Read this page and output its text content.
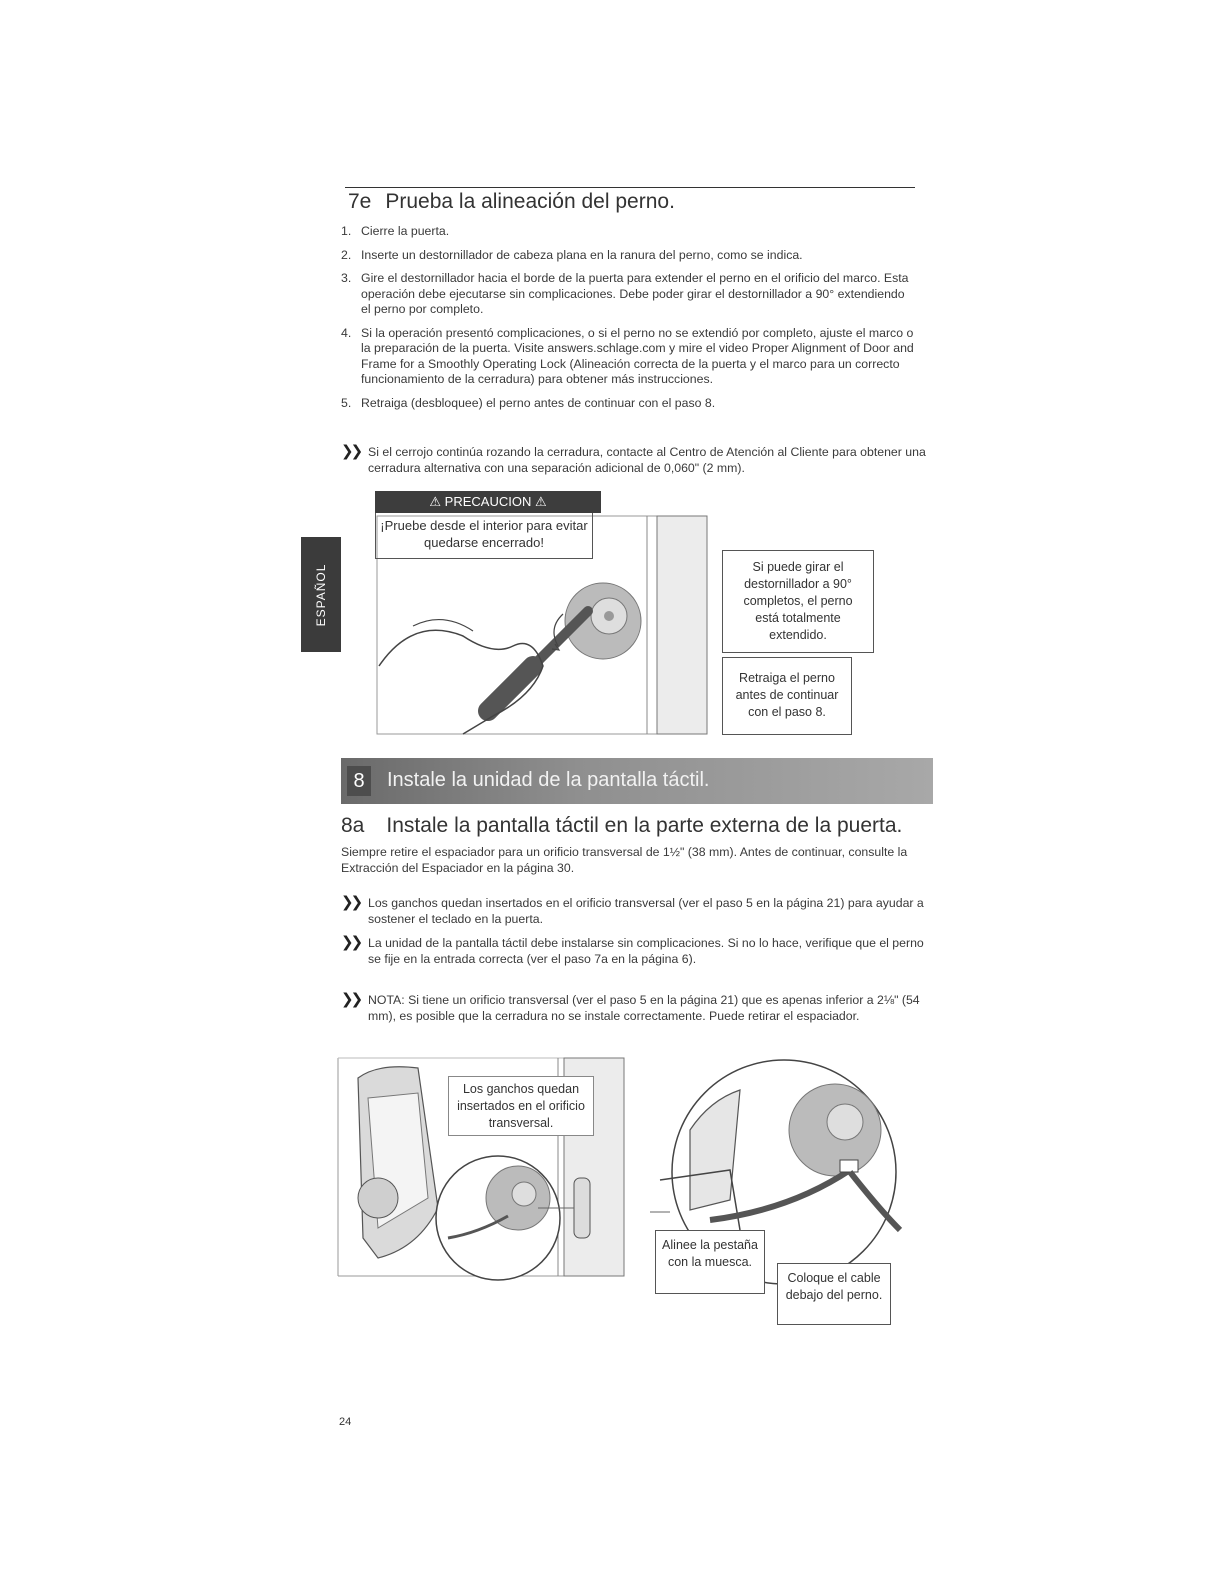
7e Prueba la alineación del perno.
1. Cierre la puerta.
2. Inserte un destornillador de cabeza plana en la ranura del perno, como se indica.
3. Gire el destornillador hacia el borde de la puerta para extender el perno en el orificio del marco. Esta operación debe ejecutarse sin complicaciones. Debe poder girar el destornillador a 90° extendiendo el perno por completo.
4. Si la operación presentó complicaciones, o si el perno no se extendió por completo, ajuste el marco o la preparación de la puerta. Visite answers.schlage.com y mire el video Proper Alignment of Door and Frame for a Smoothly Operating Lock (Alineación correcta de la puerta y el marco para un correcto funcionamiento de la cerradura) para obtener más instrucciones.
5. Retraiga (desbloquee) el perno antes de continuar con el paso 8.
❯❯ Si el cerrojo continúa rozando la cerradura, contacte al Centro de Atención al Cliente para obtener una cerradura alternativa con una separación adicional de 0,060" (2 mm).
ESPAÑOL
⚠ PRECAUCION ⚠
¡Pruebe desde el interior para evitar quedarse encerrado!
Si puede girar el destornillador a 90° completos, el perno está totalmente extendido.
Retraiga el perno antes de continuar con el paso 8.
8	Instale la unidad de la pantalla táctil.
8a Instale la pantalla táctil en la parte externa de la puerta.
Siempre retire el espaciador para un orificio transversal de 1½" (38 mm). Antes de continuar, consulte la Extracción del Espaciador en la página 30.
❯❯ Los ganchos quedan insertados en el orificio transversal (ver el paso 5 en la página 21) para ayudar a sostener el teclado en la puerta.
❯❯ La unidad de la pantalla táctil debe instalarse sin complicaciones. Si no lo hace, verifique que el perno se fije en la entrada correcta (ver el paso 7a en la página 6).
❯❯ NOTA: Si tiene un orificio transversal (ver el paso 5 en la página 21) que es apenas inferior a 2⅛" (54 mm), es posible que la cerradura no se instale correctamente. Puede retirar el espaciador.
Los ganchos quedan insertados en el orificio transversal.
Alinee la pestaña con la muesca.
Coloque el cable debajo del perno.
24
